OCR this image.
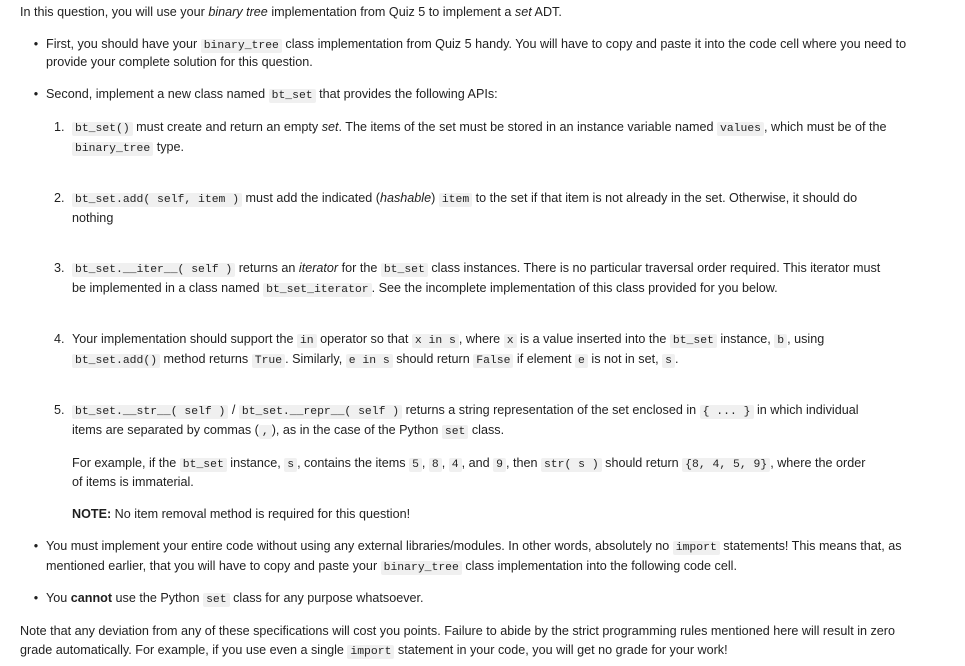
•
•
•
•
1.
2.
3.
4.
5.
In this question, you will use your binary tree implementation from Quiz 5 to implement a set ADT.
First, you should have your binary_tree class implementation from Quiz 5 handy. You will have to copy and paste it into the code cell where you need to
provide your complete solution for this question.
Second, implement a new class named bt_set that provides the following APIs:
bt_set() must create and return an empty set. The items of the set must be stored in an instance variable named values , which must be of the
binary_tree type.
bt_set.add( self, item ) must add the indicated (hashable) item to the set if that item is not already in the set. Otherwise, it should do
nothing
bt_set.__iter__( self ) returns an iterator for the bt_set class instances. There is no particular traversal order required. This iterator must
be implemented in a class named bt_set_iterator . See the incomplete implementation of this class provided for you below.
Your implementation should support the in operator so that x in s , where x is a value inserted into the bt_set instance, b , using
bt_set.add() method returns True . Similarly, e in s should return False if element e is not in set, s .
bt_set.__str__( self ) / bt_set.__repr__( self ) returns a string representation of the set enclosed in { ... } in which individual
items are separated by commas ( , ), as in the case of the Python set class.
For example, if the bt_set instance, s , contains the items 5 , 8 , 4 , and 9 , then str( s ) should return {8, 4, 5, 9} , where the order
of items is immaterial.
NOTE: No item removal method is required for this question!
You must implement your entire code without using any external libraries/modules. In other words, absolutely no import statements! This means that, as
mentioned earlier, that you will have to copy and paste your binary_tree class implementation into the following code cell.
You cannot use the Python set class for any purpose whatsoever.
Note that any deviation from any of these specifications will cost you points. Failure to abide by the strict programming rules mentioned here will result in zero
grade automatically. For example, if you use even a single import statement in your code, you will get no grade for your work!
